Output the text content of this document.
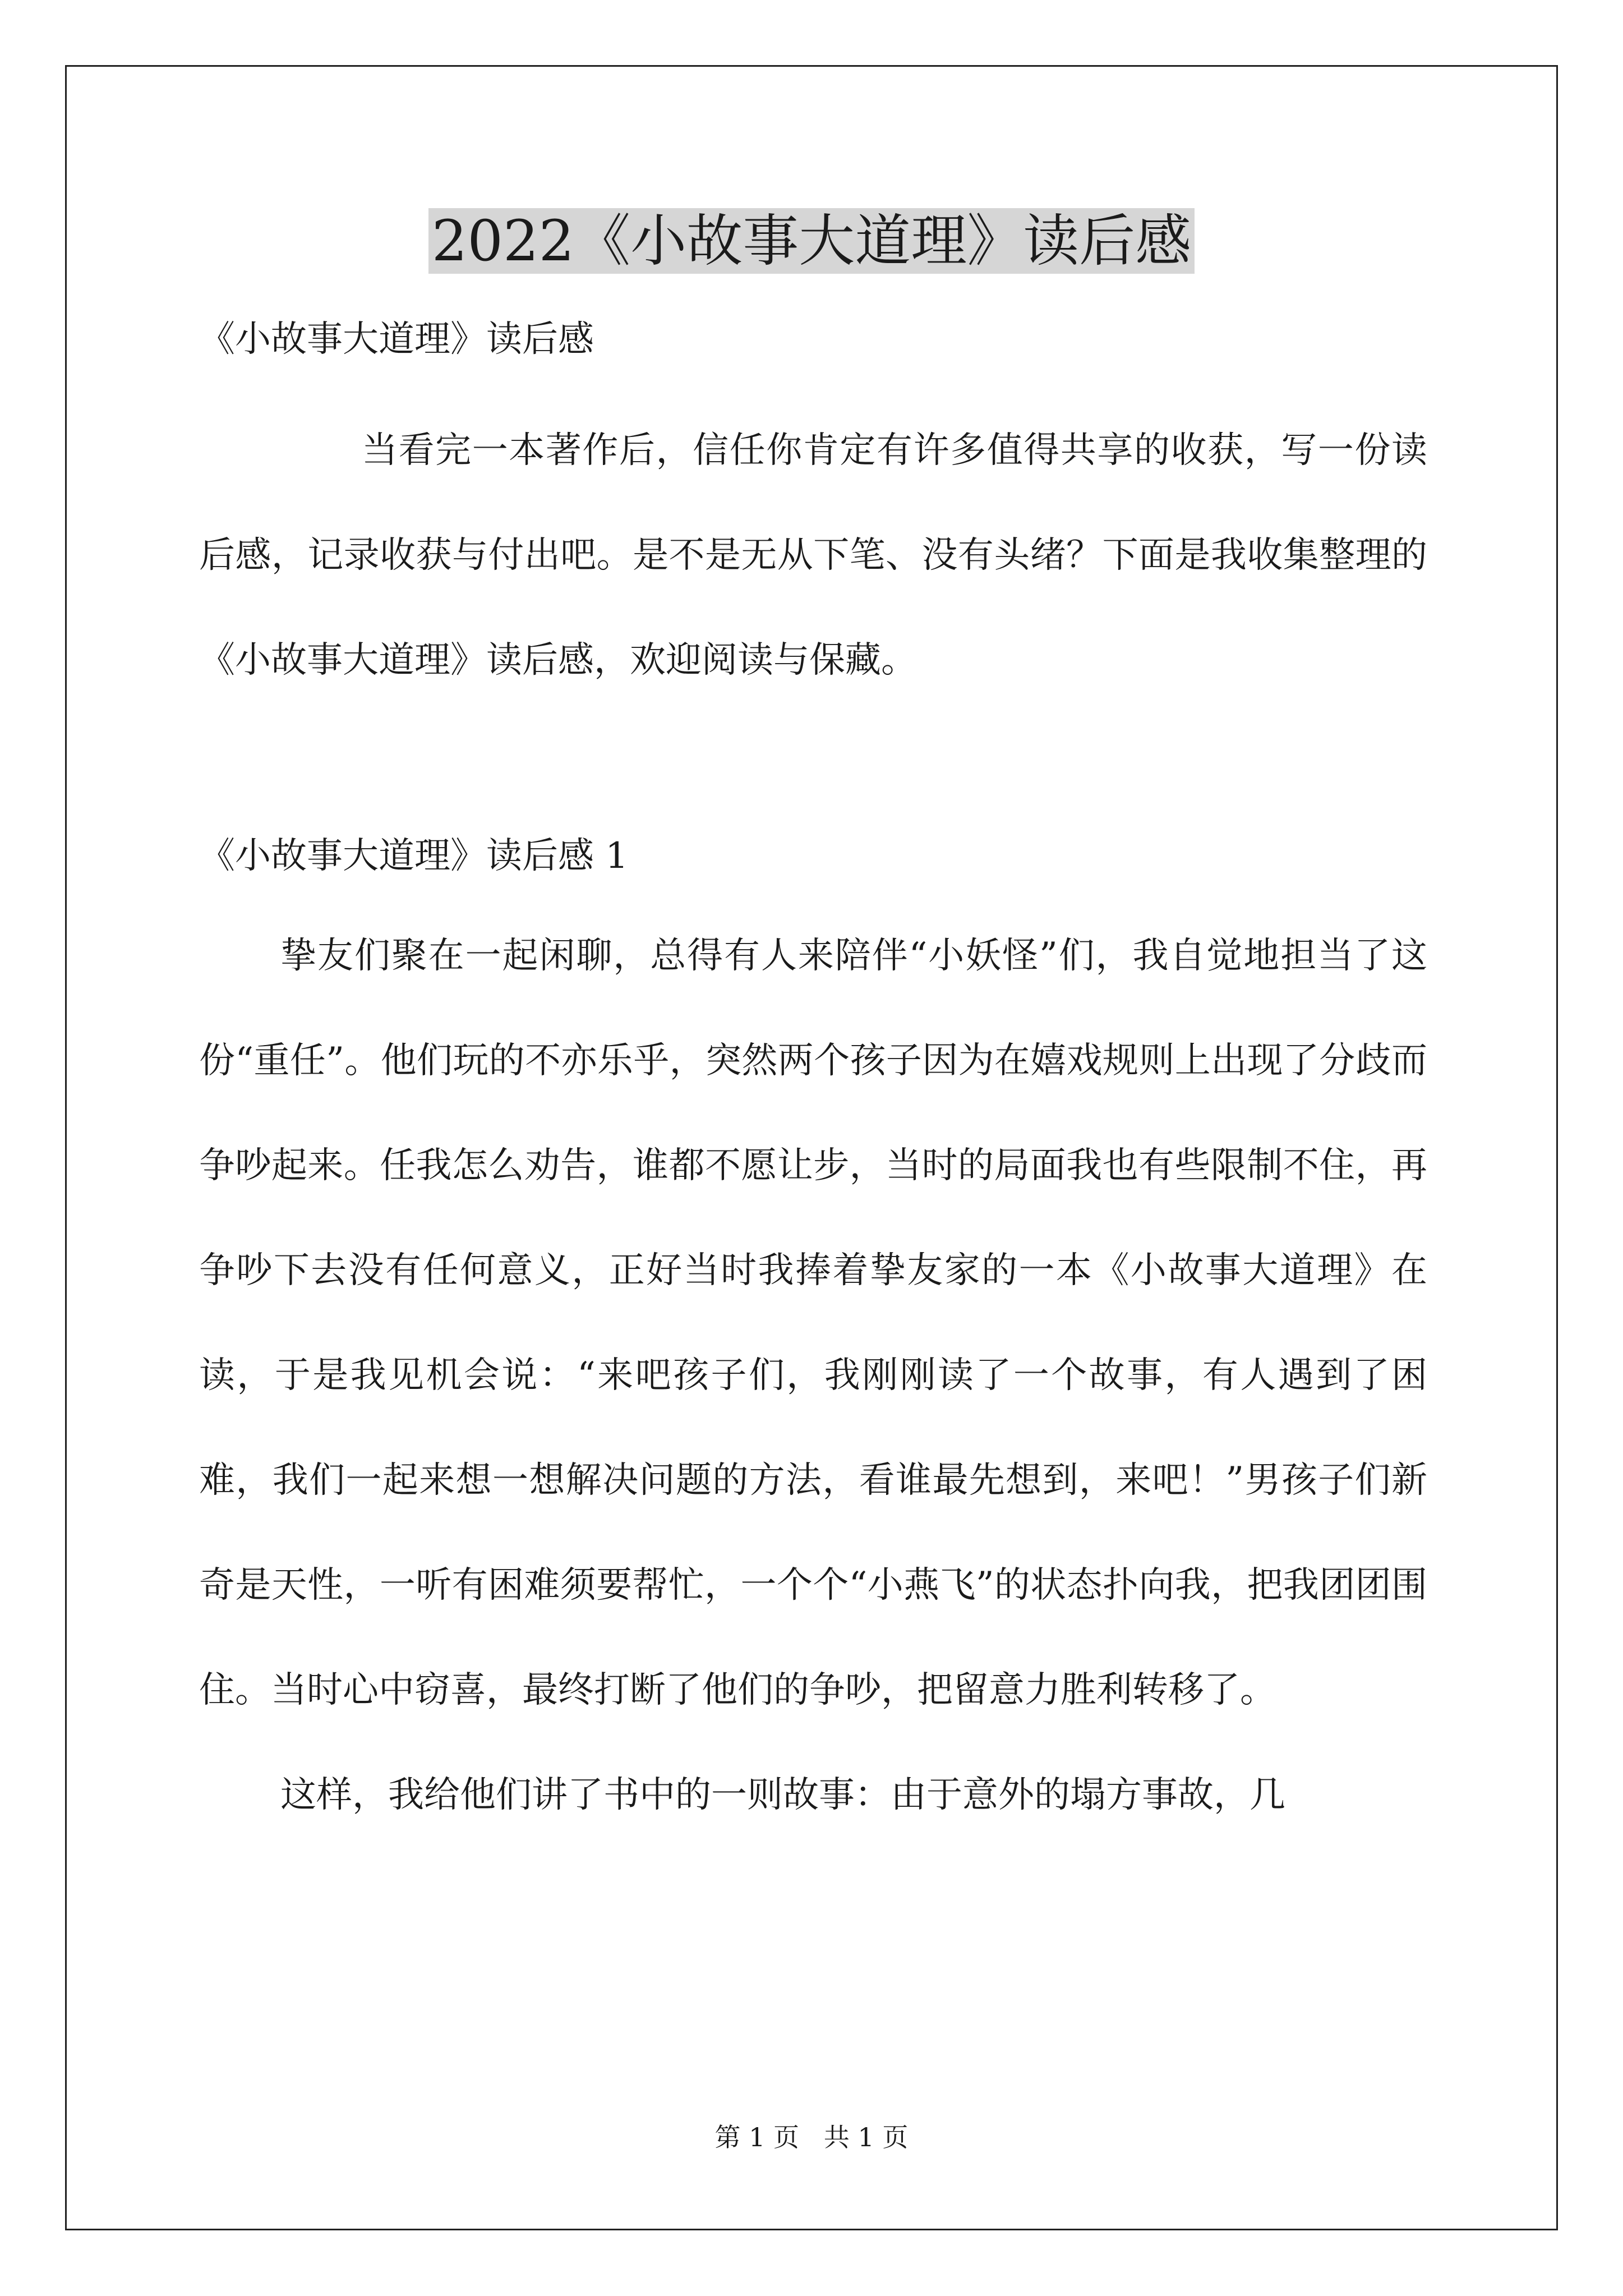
2022《小故事大道理》读后感

《小故事大道理》读后感

当看完一本著作后，信任你肯定有许多值得共享的收获，写一份读后感，记录收获与付出吧。是不是无从下笔、没有头绪？下面是我收集整理的《小故事大道理》读后感，欢迎阅读与保藏。

《小故事大道理》读后感 1

挚友们聚在一起闲聊，总得有人来陪伴“小妖怪”们，我自觉地担当了这份“重任”。他们玩的不亦乐乎，突然两个孩子因为在嬉戏规则上出现了分歧而争吵起来。任我怎么劝告，谁都不愿让步，当时的局面我也有些限制不住，再争吵下去没有任何意义，正好当时我捧着挚友家的一本《小故事大道理》在读，于是我见机会说：“来吧孩子们，我刚刚读了一个故事，有人遇到了困难，我们一起来想一想解决问题的方法，看谁最先想到，来吧！”男孩子们新奇是天性，一听有困难须要帮忙，一个个“小燕飞”的状态扑向我，把我团团围住。当时心中窃喜，最终打断了他们的争吵，把留意力胜利转移了。

这样，我给他们讲了书中的一则故事：由于意外的塌方事故，几

第 1 页   共 1 页
